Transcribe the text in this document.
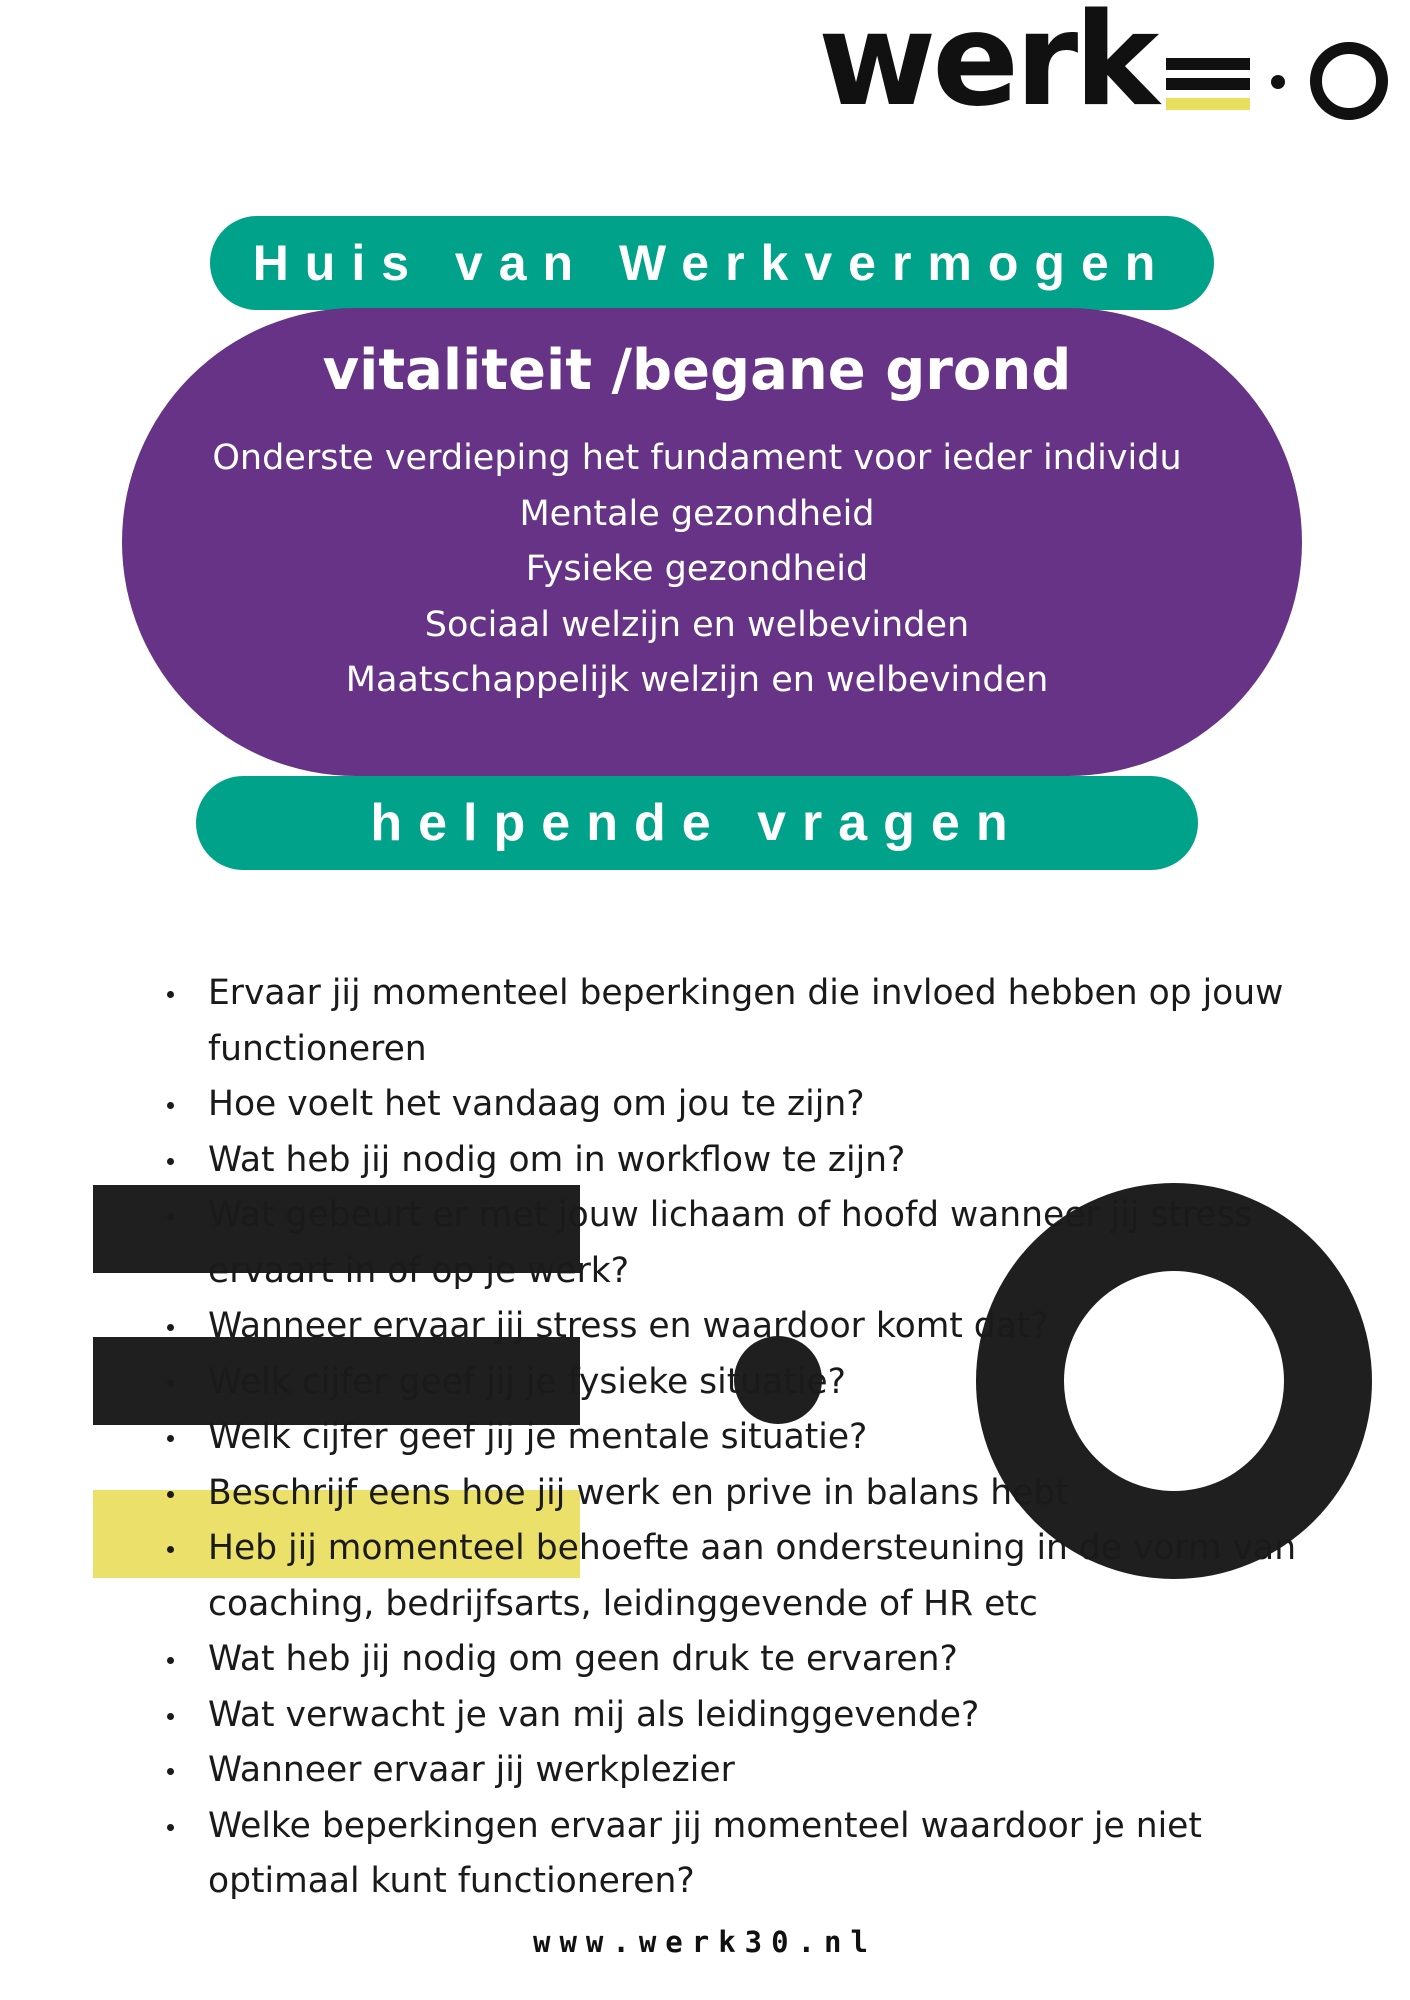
werk
Huis van Werkvermogen
vitaliteit /begane grond
Onderste verdieping het fundament voor ieder individu
Mentale gezondheid
Fysieke gezondheid
Sociaal welzijn en welbevinden
Maatschappelijk welzijn en welbevinden
helpende vragen
Ervaar jij momenteel beperkingen die invloed hebben op jouw functioneren
Hoe voelt het vandaag om jou te zijn?
Wat heb jij nodig om in workflow te zijn?
Wat gebeurt er met jouw lichaam of hoofd wanneer jij stress ervaart in of op je werk?
Wanneer ervaar jij stress en waardoor komt dat?
Welk cijfer geef jij je fysieke situatie?
Welk cijfer geef jij je mentale situatie?
Beschrijf eens hoe jij werk en prive in balans hebt
Heb jij momenteel behoefte aan ondersteuning in de vorm van coaching, bedrijfsarts, leidinggevende of HR etc
Wat heb jij nodig om geen druk te ervaren?
Wat verwacht je van mij als leidinggevende?
Wanneer ervaar jij werkplezier
Welke beperkingen ervaar jij momenteel waardoor je niet optimaal kunt functioneren?
www.werk30.nl
